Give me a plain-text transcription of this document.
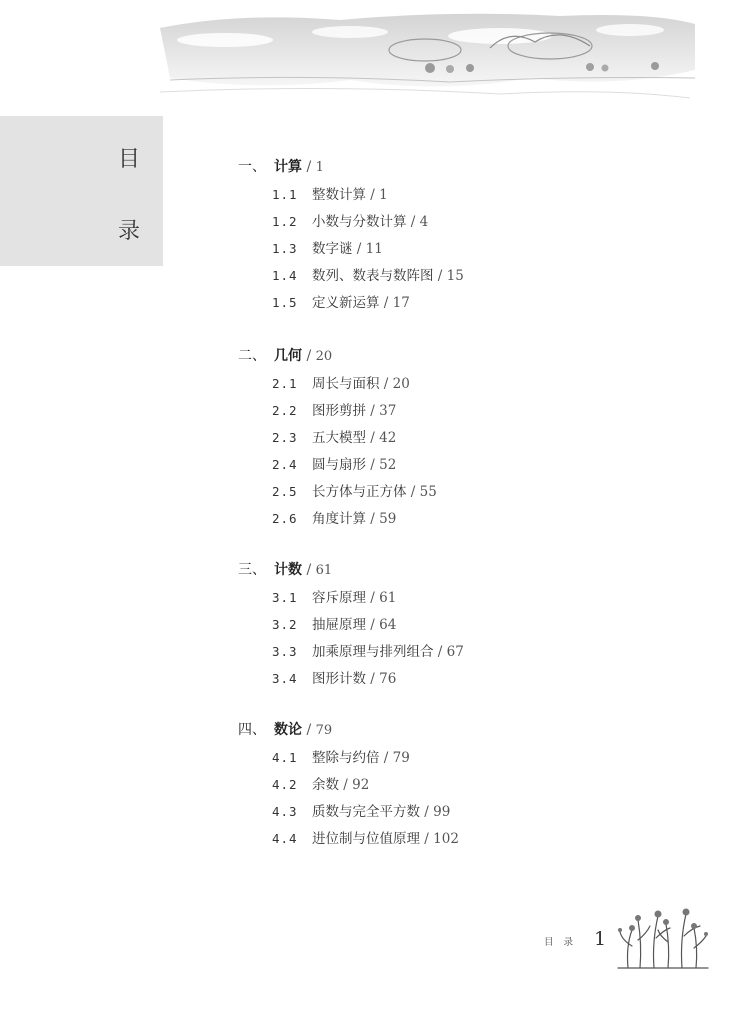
目
录
一、 计算 / 1
1.1 整数计算 / 1
1.2 小数与分数计算 / 4
1.3 数字谜 / 11
1.4 数列、数表与数阵图 / 15
1.5 定义新运算 / 17
二、 几何 / 20
2.1 周长与面积 / 20
2.2 图形剪拼 / 37
2.3 五大模型 / 42
2.4 圆与扇形 / 52
2.5 长方体与正方体 / 55
2.6 角度计算 / 59
三、 计数 / 61
3.1 容斥原理 / 61
3.2 抽屉原理 / 64
3.3 加乘原理与排列组合 / 67
3.4 图形计数 / 76
四、 数论 / 79
4.1 整除与约倍 / 79
4.2 余数 / 92
4.3 质数与完全平方数 / 99
4.4 进位制与位值原理 / 102
目录 1
